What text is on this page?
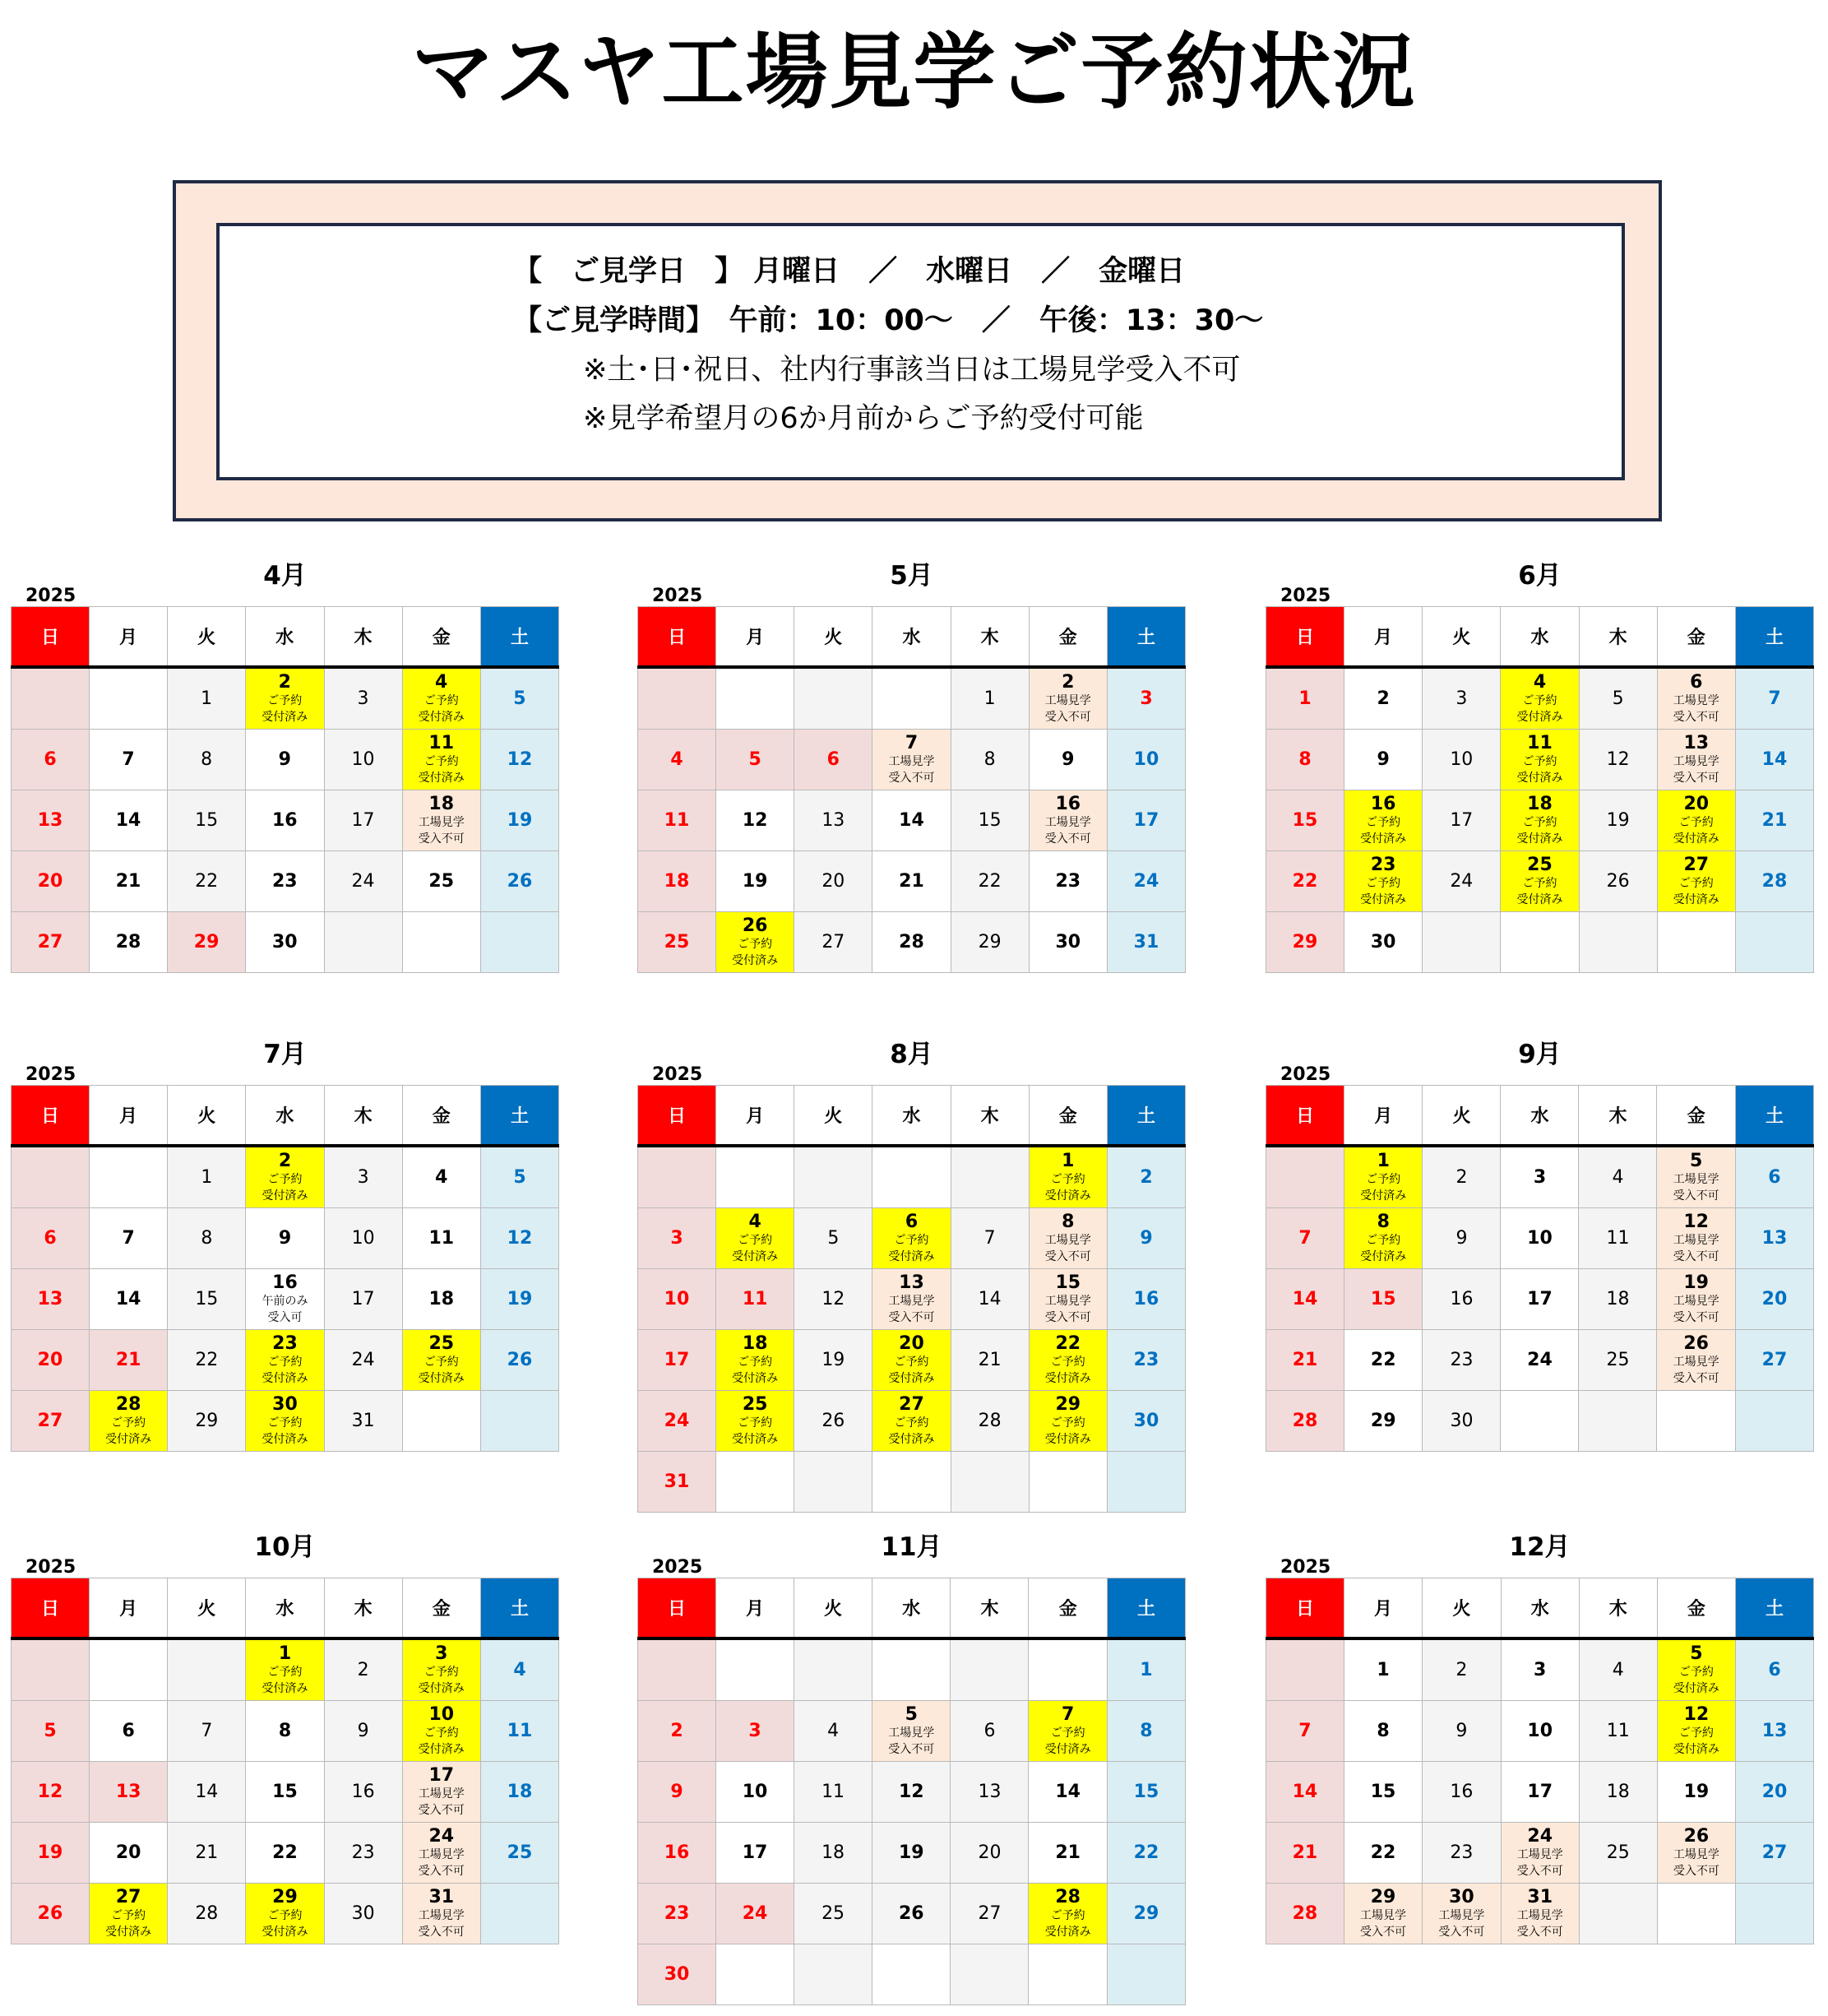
マスヤ工場見学ご予約状況
【　ご見学日　】 月曜日　／　水曜日　／　金曜日
【ご見学時間】　午前：10：00～　／　午後：13：30～
※土･日･祝日、社内行事該当日は工場見学受入不可
※見学希望月の6か月前からご予約受付可能
4月
2025
日	月	火	水	木	金	土

		1	2
ご予約
受付済み	3	4
ご予約
受付済み	5

6	7	8	9	10	11
ご予約
受付済み	12

13	14	15	16	17	18
工場見学
受入不可	19

20	21	22	23	24	25	26

27	28	29	30			

5月
2025
日	月	火	水	木	金	土

				1	2
工場見学
受入不可	3

4	5	6	7
工場見学
受入不可	8	9	10

11	12	13	14	15	16
工場見学
受入不可	17

18	19	20	21	22	23	24

25	26
ご予約
受付済み	27	28	29	30	31
6月
2025
日	月	火	水	木	金	土

1	2	3	4
ご予約
受付済み	5	6
工場見学
受入不可	7

8	9	10	11
ご予約
受付済み	12	13
工場見学
受入不可	14

15	16
ご予約
受付済み	17	18
ご予約
受付済み	19	20
ご予約
受付済み	21

22	23
ご予約
受付済み	24	25
ご予約
受付済み	26	27
ご予約
受付済み	28

29	30					

7月
2025
日	月	火	水	木	金	土

		1	2
ご予約
受付済み	3	4	5

6	7	8	9	10	11	12

13	14	15	16
午前のみ
受入可	17	18	19

20	21	22	23
ご予約
受付済み	24	25
ご予約
受付済み	26

27	28
ご予約
受付済み	29	30
ご予約
受付済み	31		

8月
2025
日	月	火	水	木	金	土

					1
ご予約
受付済み	2

3	4
ご予約
受付済み	5	6
ご予約
受付済み	7	8
工場見学
受入不可	9

10	11	12	13
工場見学
受入不可	14	15
工場見学
受入不可	16

17	18
ご予約
受付済み	19	20
ご予約
受付済み	21	22
ご予約
受付済み	23

24	25
ご予約
受付済み	26	27
ご予約
受付済み	28	29
ご予約
受付済み	30

31						

9月
2025
日	月	火	水	木	金	土

	1
ご予約
受付済み	2	3	4	5
工場見学
受入不可	6

7	8
ご予約
受付済み	9	10	11	12
工場見学
受入不可	13

14	15	16	17	18	19
工場見学
受入不可	20

21	22	23	24	25	26
工場見学
受入不可	27

28	29	30				

10月
2025
日	月	火	水	木	金	土

			1
ご予約
受付済み	2	3
ご予約
受付済み	4

5	6	7	8	9	10
ご予約
受付済み	11

12	13	14	15	16	17
工場見学
受入不可	18

19	20	21	22	23	24
工場見学
受入不可	25

26	27
ご予約
受付済み	28	29
ご予約
受付済み	30	31
工場見学
受入不可	

11月
2025
日	月	火	水	木	金	土

						1

2	3	4	5
工場見学
受入不可	6	7
ご予約
受付済み	8

9	10	11	12	13	14	15

16	17	18	19	20	21	22

23	24	25	26	27	28
ご予約
受付済み	29

30						

12月
2025
日	月	火	水	木	金	土

	1	2	3	4	5
ご予約
受付済み	6

7	8	9	10	11	12
ご予約
受付済み	13

14	15	16	17	18	19	20

21	22	23	24
工場見学
受入不可	25	26
工場見学
受入不可	27

28	29
工場見学
受入不可	30
工場見学
受入不可	31
工場見学
受入不可			
